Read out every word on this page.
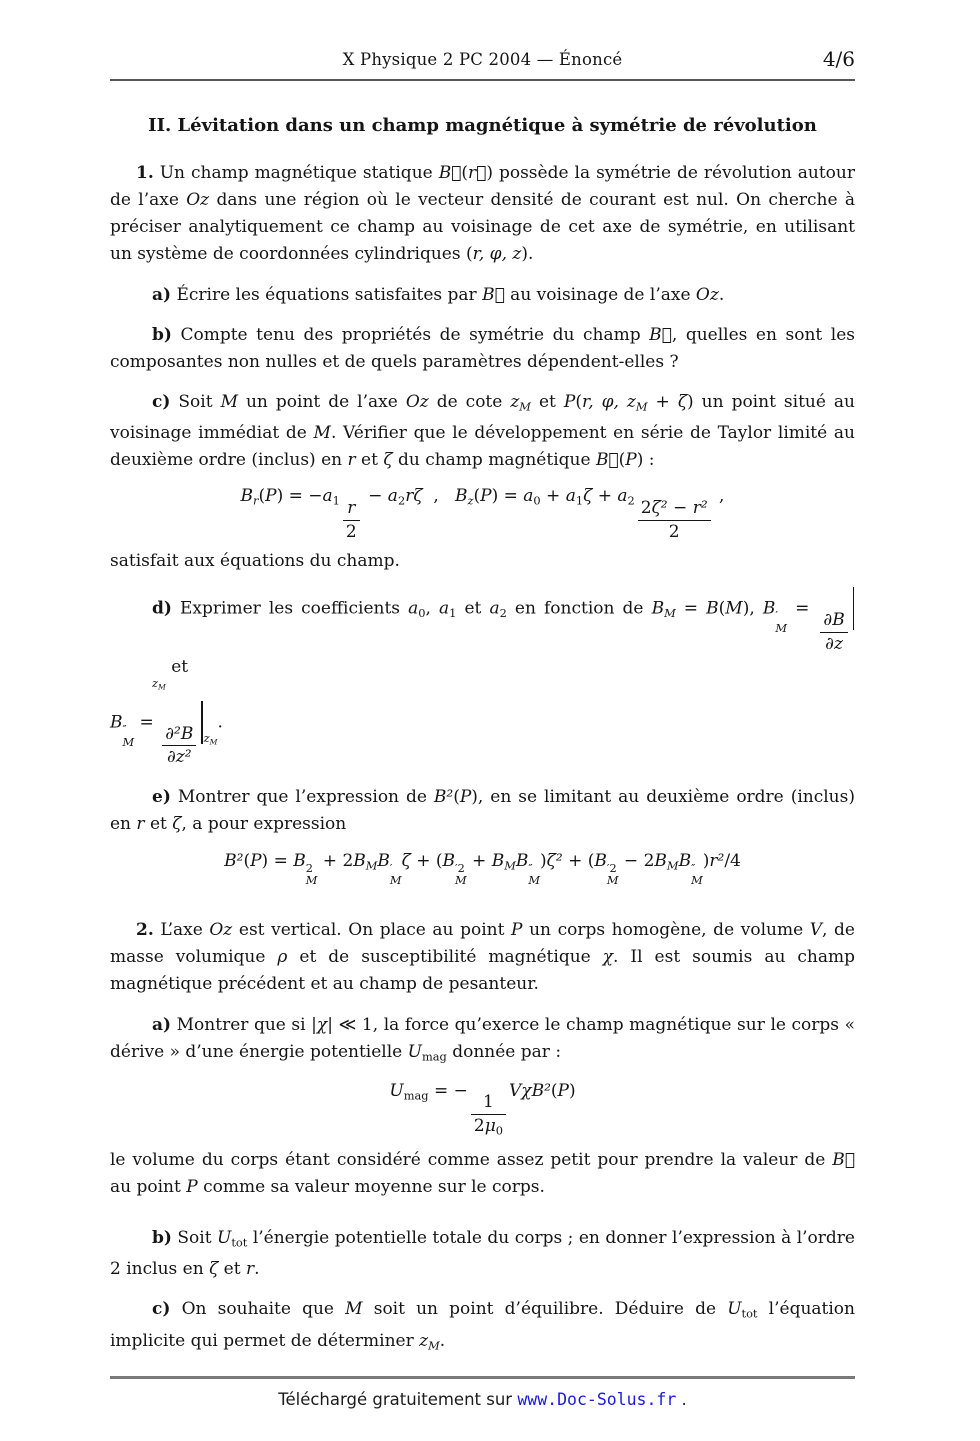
X Physique 2 PC 2004 — Énoncé	4/6
II. Lévitation dans un champ magnétique à symétrie de révolution
1. Un champ magnétique statique B⃗(r⃗) possède la symétrie de révolution autour de l’axe Oz dans une région où le vecteur densité de courant est nul. On cherche à préciser analytiquement ce champ au voisinage de cet axe de symétrie, en utilisant un système de coordonnées cylindriques (r, φ, z).
a) Écrire les équations satisfaites par B⃗ au voisinage de l’axe Oz.
b) Compte tenu des propriétés de symétrie du champ B⃗, quelles en sont les composantes non nulles et de quels paramètres dépendent-elles ?
c) Soit M un point de l’axe Oz de cote $z_M$ et P(r, φ, $z_M + \zeta$) un point situé au voisinage immédiat de M. Vérifier que le développement en série de Taylor limité au deuxième ordre (inclus) en r et ζ du champ magnétique B⃗(P) :
$B_r(P) = -a_1 \frac{r}{2}$
− $a_2r\zeta$  ,   $B_z(P) = a_0 + a_1\zeta + a_2 \frac{\text{2ζ² − r²}}{2}$
,
satisfait aux équations du champ.
d) Exprimer les coefficients $a_0$, $a_1$ et $a_2$ en fonction de $B_M = B(M)$, B ′
M
=
$\frac{\partial B}{\partial z}$
$z_M$ et
B ″
M
=
$\frac{\text{∂²B}}{\text{∂z²}} z_M$.
e) Montrer que l’expression de B²(P), en se limitant au deuxième ordre (inclus) en r et ζ, a pour expression
B²(P) = B 2
M
+ $2B_MB$ ′
M
ζ + (B ′2
M
+ $B_MB$ ″
M
)ζ² + (B ′2
M
− $2B_MB$ ″
M
)r²/4
2. L’axe Oz est vertical. On place au point P un corps homogène, de volume V, de masse volumique ρ et de susceptibilité magnétique χ. Il est soumis au champ magnétique précédent et au champ de pesanteur.
a) Montrer que si |χ| ≪ 1, la force qu’exerce le champ magnétique sur le corps « dérive » d’une énergie potentielle $U_{mag}$ donnée par :
$U_{mag}$ = −
$\frac{1}{2\mu_0}$
VχB²(P)
le volume du corps étant considéré comme assez petit pour prendre la valeur de B⃗ au point P comme sa valeur moyenne sur le corps.
b) Soit $U_{tot}$ l’énergie potentielle totale du corps ; en donner l’expression à l’ordre 2 inclus en ζ et r.
c) On souhaite que M soit un point d’équilibre. Déduire de $U_{tot}$ l’équation implicite qui permet de déterminer $z_M$.
Téléchargé gratuitement sur www.Doc-Solus.fr .
